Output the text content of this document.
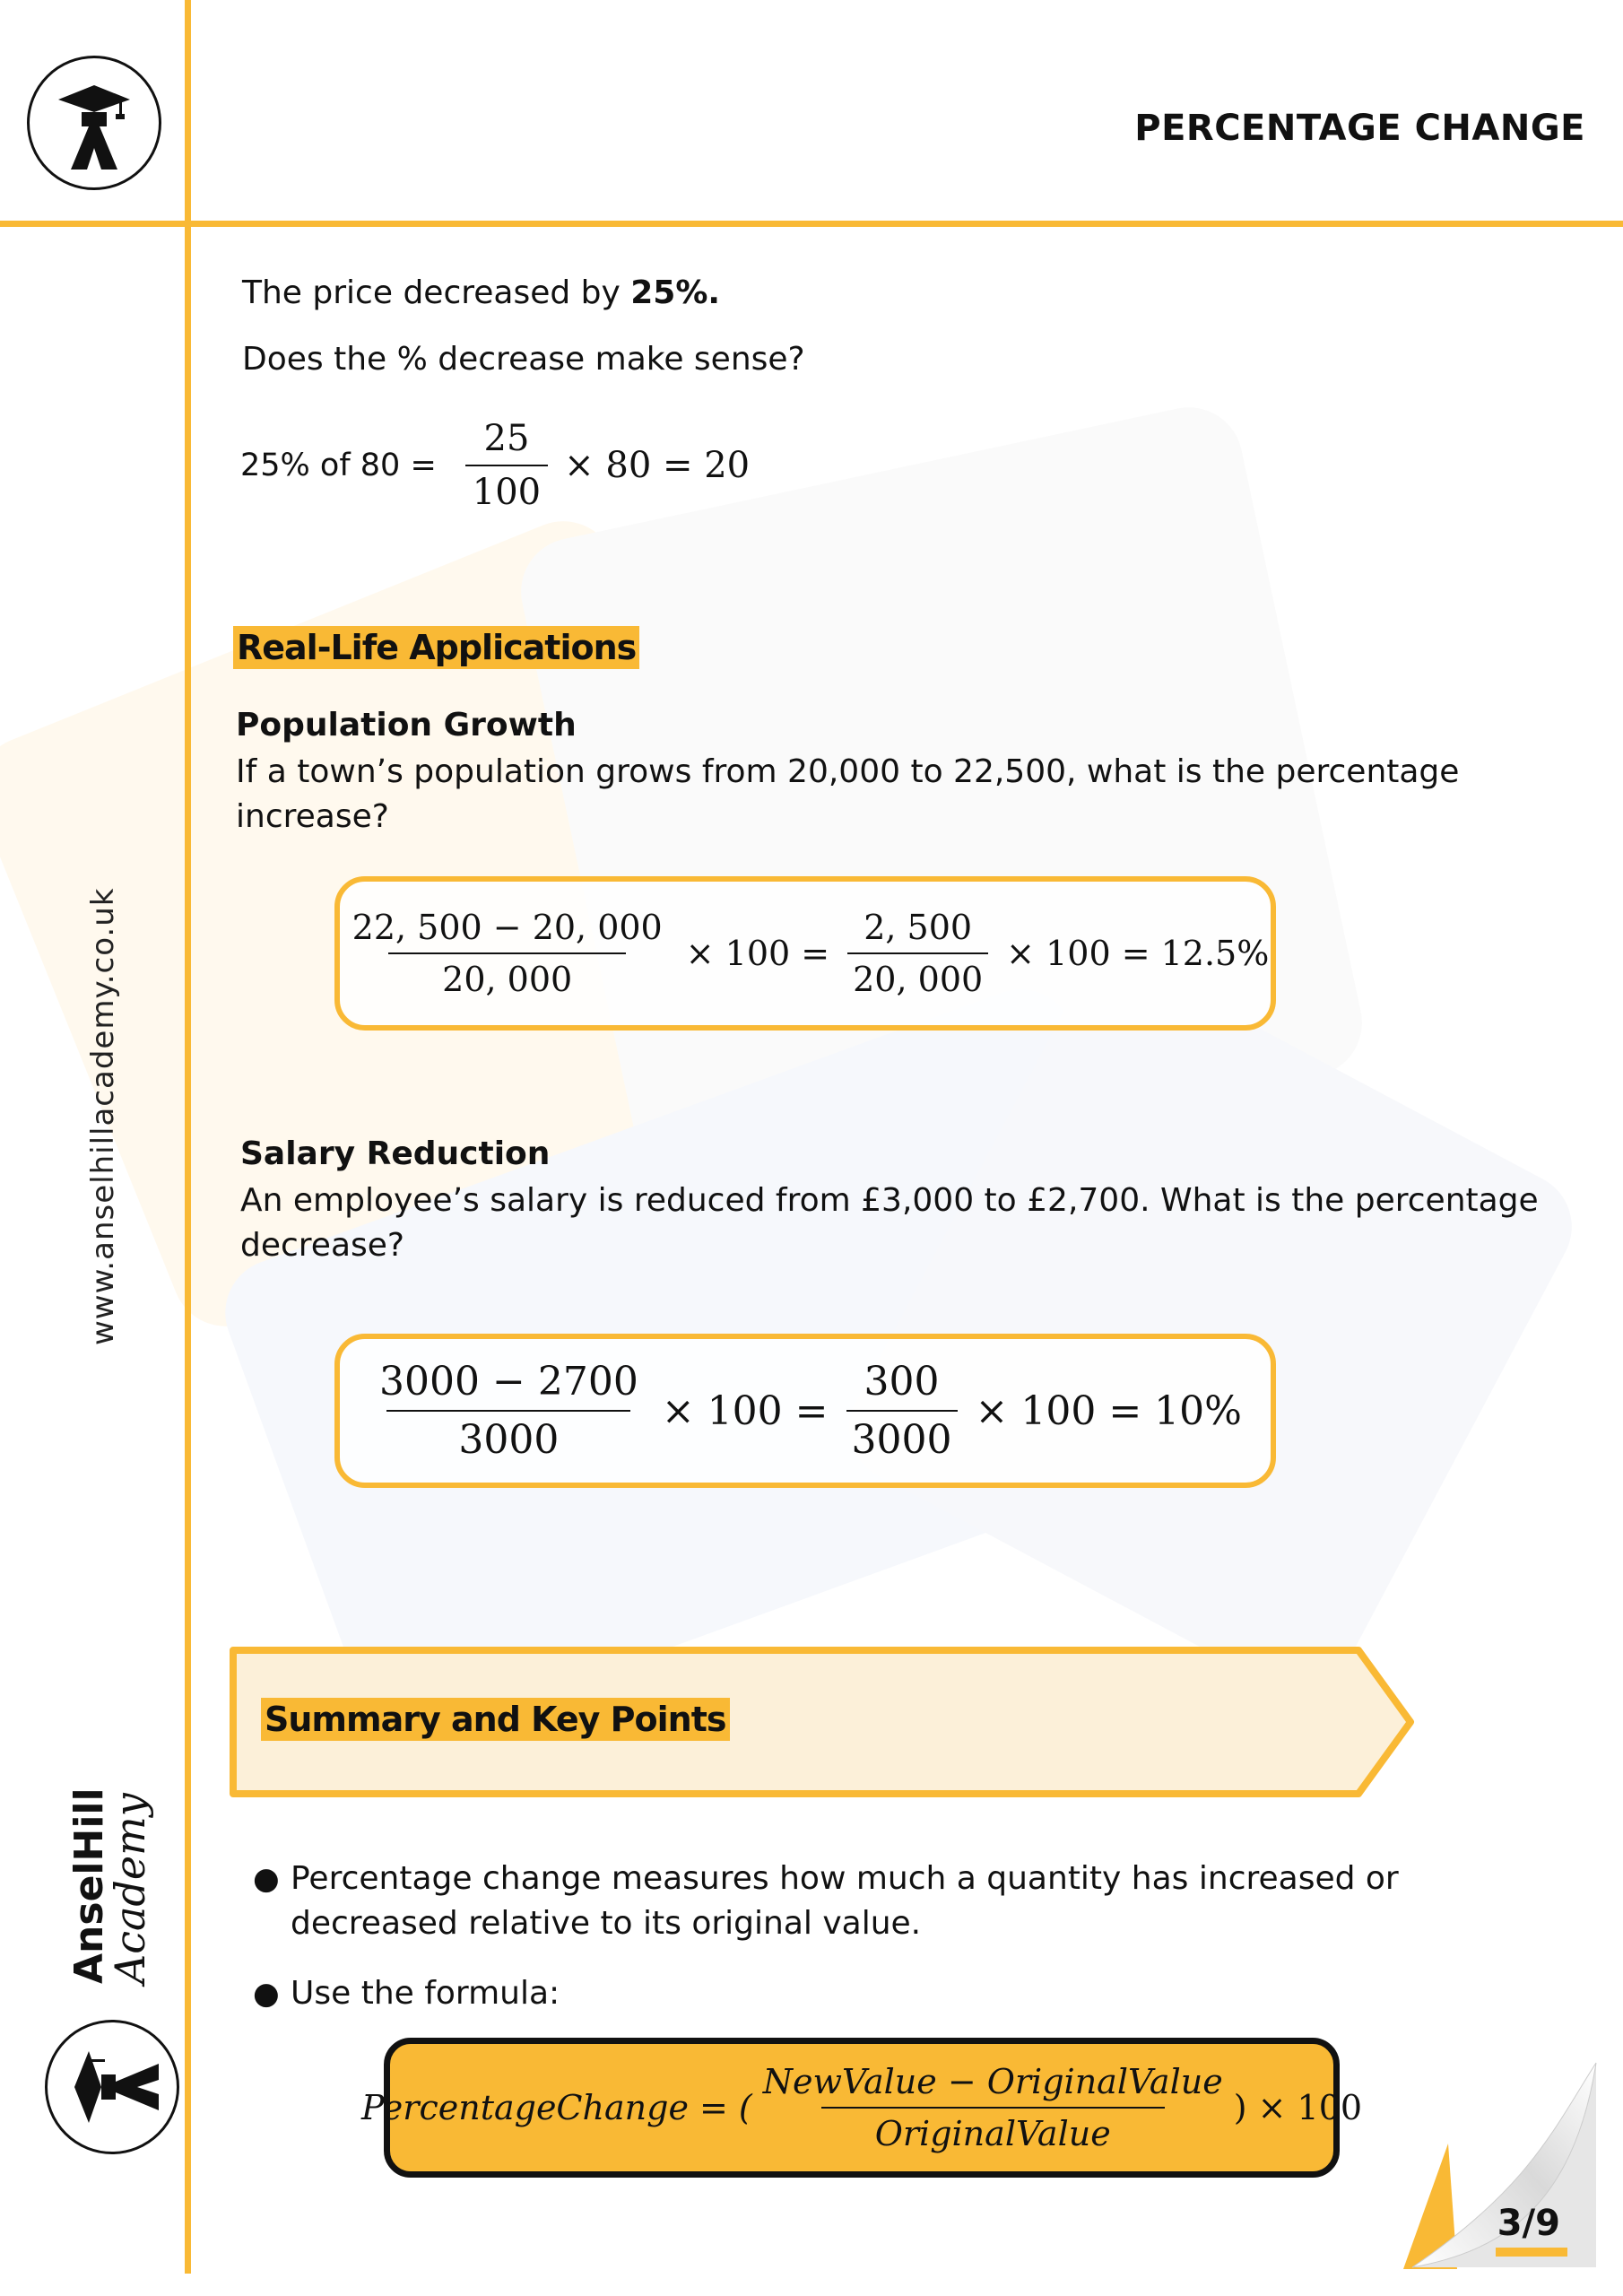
PERCENTAGE CHANGE
The price decreased by 25%.
Does the % decrease make sense?
25% of $80 = \frac{25}{100} \times 80 = 20$
Real-Life Applications
Population Growth
If a town’s population grows from 20,000 to 22,500, what is the percentage increase?
$\frac{22, 500 - 20, 000}{20, 000} \times 100 = \frac{2, 500}{20, 000} \times 100 = 12.5\%$
Salary Reduction
An employee’s salary is reduced from £3,000 to £2,700. What is the percentage decrease?
$\frac{3000 - 2700}{3000} \times 100 = \frac{300}{3000} \times 100 = 10\%$
Summary and Key Points
● Percentage change measures how much a quantity has increased or decreased relative to its original value.
● Use the formula:
PercentageChange = ( $\frac{\text{NewValue − OriginalValue}}{\text{OriginalValue}}$ ) × 100
www.anselhillacademy.co.uk
AnselHill
Academy
3/9
